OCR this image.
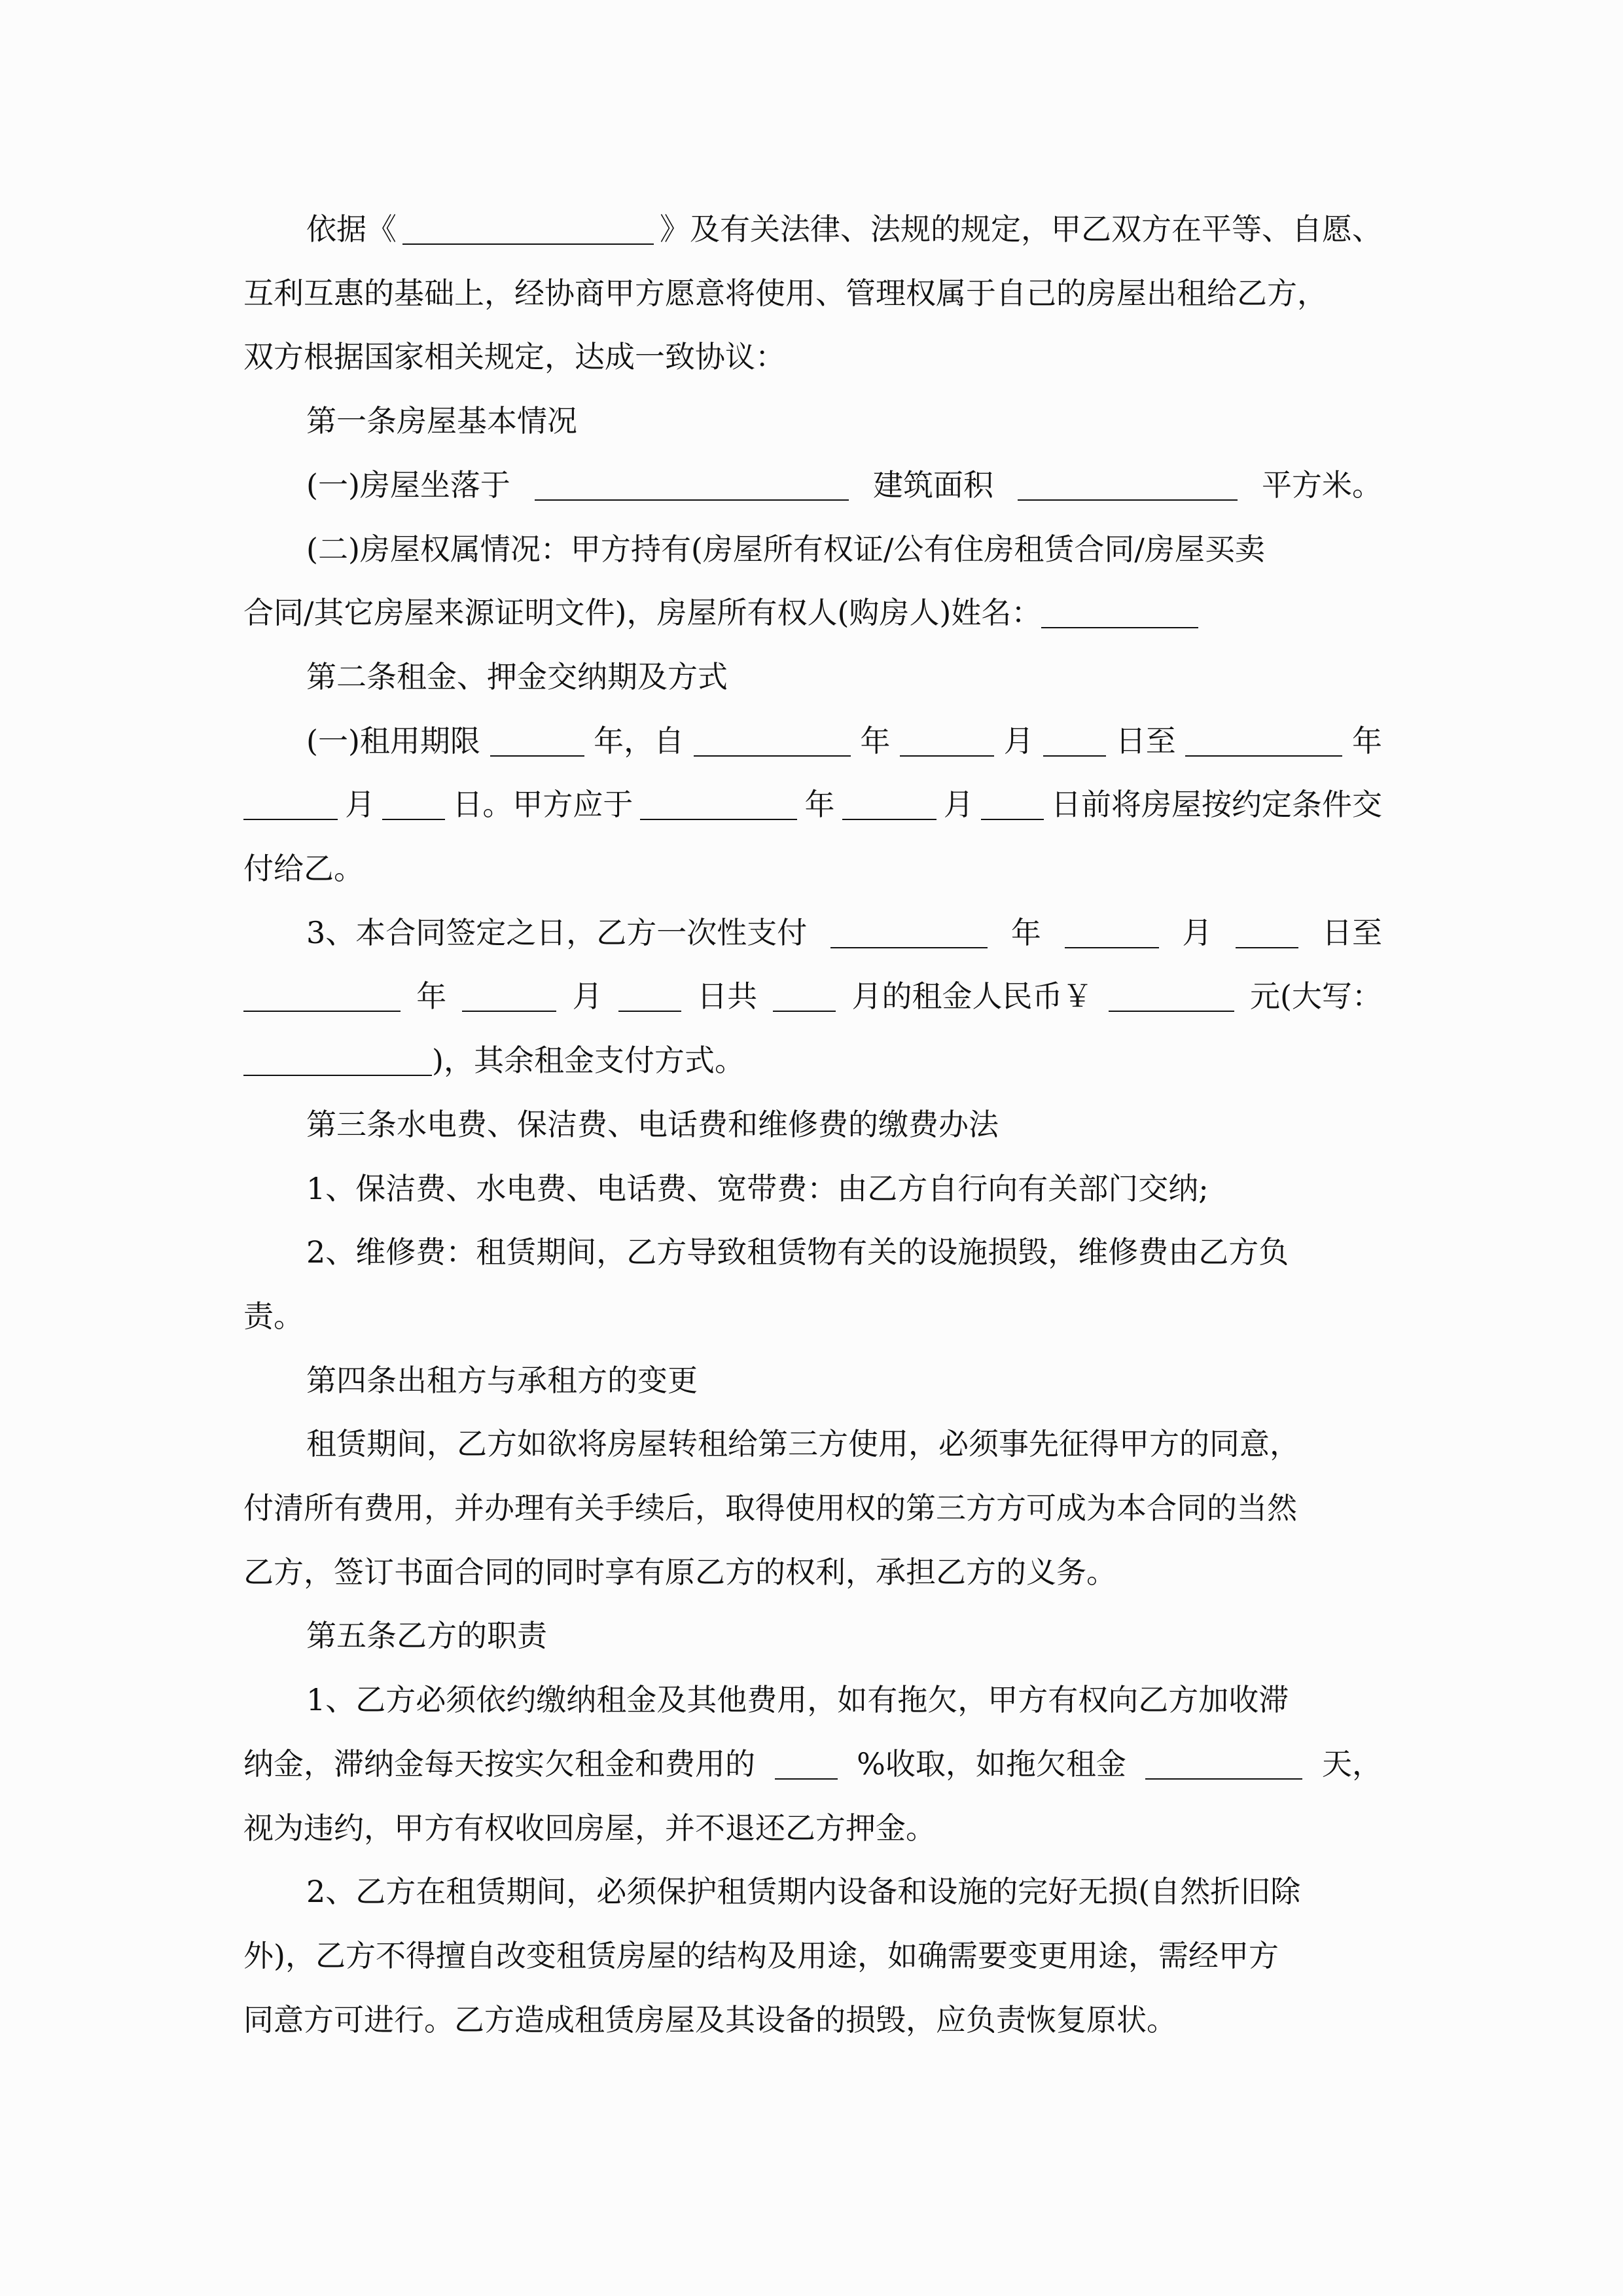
依据《	》及有关法律、法规的规定，甲乙双方在平等、自愿、
互利互惠的基础上，经协商甲方愿意将使用、管理权属于自己的房屋出租给乙方，
双方根据国家相关规定，达成一致协议：
第一条房屋基本情况
(一)房屋坐落于	建筑面积	平方米。
(二)房屋权属情况：甲方持有(房屋所有权证/公有住房租赁合同/房屋买卖
合同/其它房屋来源证明文件)，房屋所有权人(购房人)姓名：
第二条租金、押金交纳期及方式
(一)租用期限	年，自	年	月	日至	年
月	日。甲方应于	年	月	日前将房屋按约定条件交
付给乙。
3、本合同签定之日，乙方一次性支付	年	月	日至
年	月	日共	月的租金人民币￥	元(大写：
)，其余租金支付方式。
第三条水电费、保洁费、电话费和维修费的缴费办法
1、保洁费、水电费、电话费、宽带费：由乙方自行向有关部门交纳;
2、维修费：租赁期间，乙方导致租赁物有关的设施损毁，维修费由乙方负
责。
第四条出租方与承租方的变更
租赁期间，乙方如欲将房屋转租给第三方使用，必须事先征得甲方的同意，
付清所有费用，并办理有关手续后，取得使用权的第三方方可成为本合同的当然
乙方，签订书面合同的同时享有原乙方的权利，承担乙方的义务。
第五条乙方的职责
1、乙方必须依约缴纳租金及其他费用，如有拖欠，甲方有权向乙方加收滞
纳金，滞纳金每天按实欠租金和费用的	%收取，如拖欠租金	天，
视为违约，甲方有权收回房屋，并不退还乙方押金。
2、乙方在租赁期间，必须保护租赁期内设备和设施的完好无损(自然折旧除
外)，乙方不得擅自改变租赁房屋的结构及用途，如确需要变更用途，需经甲方
同意方可进行。乙方造成租赁房屋及其设备的损毁，应负责恢复原状。
